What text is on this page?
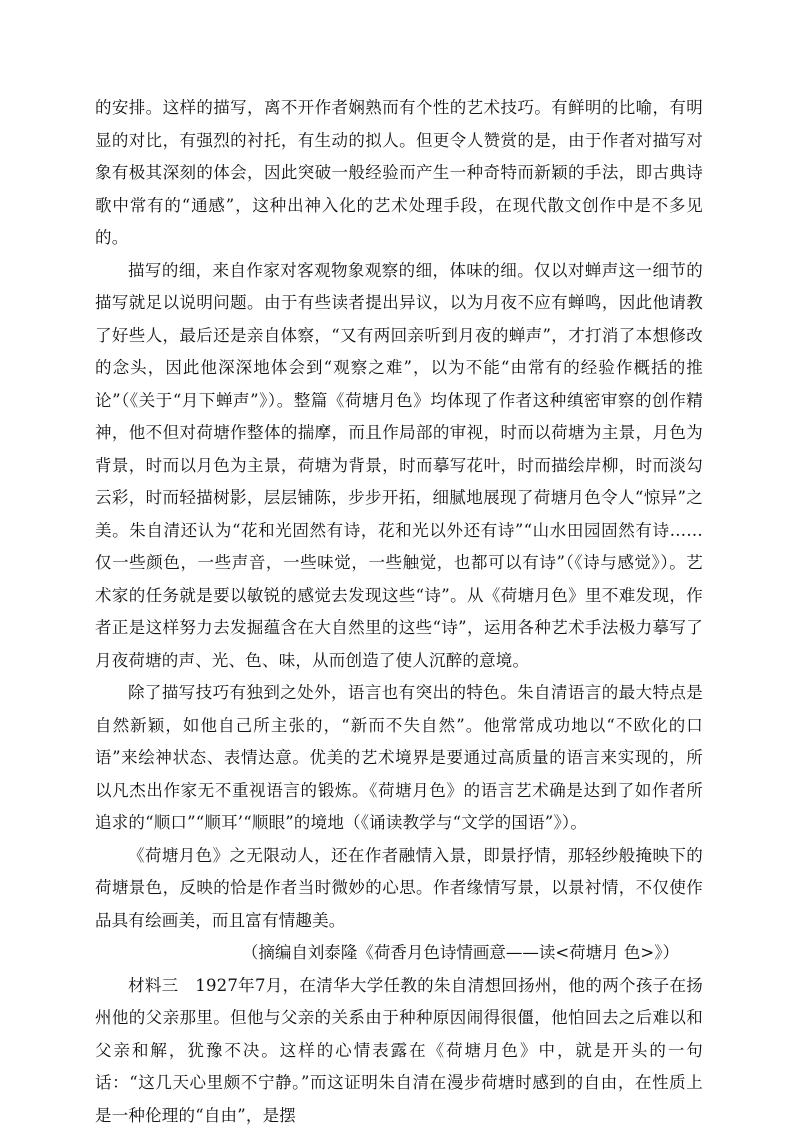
的安排。这样的描写，离不开作者娴熟而有个性的艺术技巧。有鲜明的比喻，有明显的对比，有强烈的衬托，有生动的拟人。但更令人赞赏的是，由于作者对描写对象有极其深刻的体会，因此突破一般经验而产生一种奇特而新颖的手法，即古典诗歌中常有的“通感”，这种出神入化的艺术处理手段，在现代散文创作中是不多见的。

描写的细，来自作家对客观物象观察的细，体味的细。仅以对蝉声这一细节的描写就足以说明问题。由于有些读者提出异议，以为月夜不应有蝉鸣，因此他请教了好些人，最后还是亲自体察，“又有两回亲听到月夜的蝉声”，才打消了本想修改的念头，因此他深深地体会到“观察之难”，以为不能“由常有的经验作概括的推论”（《关于“月下蝉声”》）。整篇《荷塘月色》均体现了作者这种缜密审察的创作精神，他不但对荷塘作整体的揣摩，而且作局部的审视，时而以荷塘为主景，月色为背景，时而以月色为主景，荷塘为背景，时而摹写花叶，时而描绘岸柳，时而淡勾云彩，时而轻描树影，层层铺陈，步步开拓，细腻地展现了荷塘月色令人“惊异”之美。朱自清还认为“花和光固然有诗，花和光以外还有诗”“山水田园固然有诗……仅一些颜色，一些声音，一些味觉，一些触觉，也都可以有诗”（《诗与感觉》）。艺术家的任务就是要以敏锐的感觉去发现这些“诗”。从《荷塘月色》里不难发现，作者正是这样努力去发掘蕴含在大自然里的这些“诗”，运用各种艺术手法极力摹写了月夜荷塘的声、光、色、味，从而创造了使人沉醉的意境。

除了描写技巧有独到之处外，语言也有突出的特色。朱自清语言的最大特点是自然新颖，如他自己所主张的，“新而不失自然”。他常常成功地以“不欧化的口语”来绘神状态、表情达意。优美的艺术境界是要通过高质量的语言来实现的，所以凡杰出作家无不重视语言的锻炼。《荷塘月色》的语言艺术确是达到了如作者所追求的“顺口”“顺耳’“顺眼”的境地（《诵读教学与“文学的国语”》）。

《荷塘月色》之无限动人，还在作者融情入景，即景抒情，那轻纱般掩映下的荷塘景色，反映的恰是作者当时微妙的心思。作者缘情写景，以景衬情，不仅使作品具有绘画美，而且富有情趣美。

（摘编自刘泰隆《荷香月色诗情画意——读<荷塘月 色>》）

材料三　1927年7月，在清华大学任教的朱自清想回扬州，他的两个孩子在扬州他的父亲那里。但他与父亲的关系由于种种原因闹得很僵，他怕回去之后难以和父亲和解，犹豫不决。这样的心情表露在《荷塘月色》中，就是开头的一句话：“这几天心里颇不宁静。”而这证明朱自清在漫步荷塘时感到的自由，在性质上是一种伦理的“自由”，是摆
